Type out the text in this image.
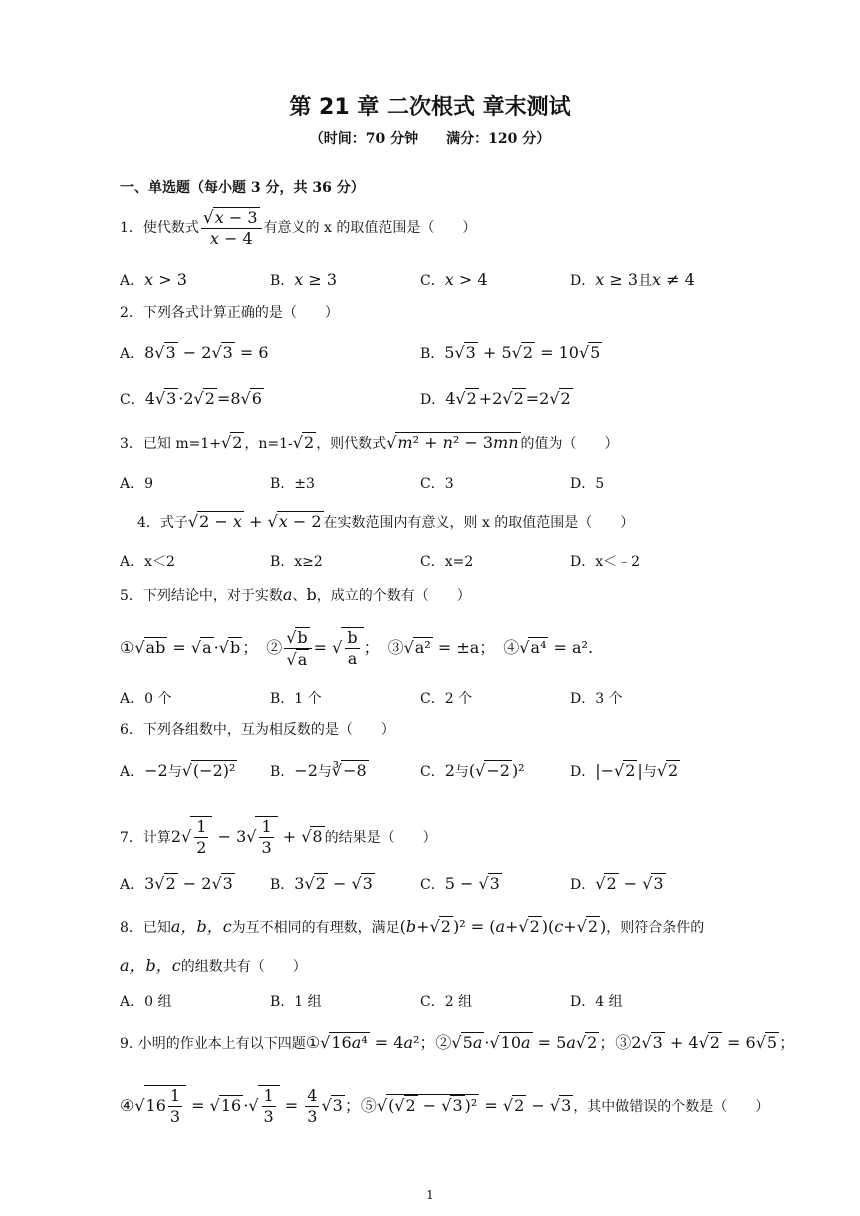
第 21 章 二次根式 章末测试
（时间：70 分钟　　满分：120 分）
一、单选题（每小题 3 分，共 36 分）
1．使代数式 $\frac{√x - 3}{x - 4}$ 有意义的 x 的取值范围是（　　）
A．x > 3	B．x ≥ 3	C．x > 4	D．x ≥ 3且x ≠ 4
2．下列各式计算正确的是（　　）
A．8√3 − 2√3 = 6	B．5√3 + 5√2 = 10√5
C．4√3 ·2√2 =8√6	D．4√2 +2√2 =2√2
3．已知 m=1+√2 ，n=1-√2 ，则代数式√m² + n² − 3mn 的值为（　　）
A．9	B．±3	C．3	D．5
4．式子√2 − x + √x − 2 在实数范围内有意义，则 x 的取值范围是（　　）
A．x＜2	B．x≥2	C．x=2	D．x＜﹣2
5．下列结论中，对于实数a、b，成立的个数有（　　）
①√ab = √a ·√b ；　② $\frac{√b}{√a}$ = √ $\frac{b}{a}$ ；　③√a² = ±a；　④√a⁴ = a².
A．0 个	B．1 个	C．2 个	D．3 个
6．下列各组数中，互为相反数的是（　　）
A．−2与√(−2)² B．−2与∛−8	C．2与(√−2 )²	D．|−√2 |与√2
7．计算$2√ \frac{1}{2} - 3√ \frac{1}{3} + √8$ 的结果是（　　）
A．3√2 − 2√3	B．3√2 − √3	C．5 − √3	D．√2 − √3
8．已知a，b，c为互不相同的有理数，满足(b+√2 )² = (a+√2 )(c+√2 )，则符合条件的
a，b，c的组数共有（　　）
A．0 组	B．1 组	C．2 组	D．4 组
9. 小明的作业本上有以下四题①√16a⁴ = 4a²；②√5a ·√10a = 5a√2 ；③2√3 + 4√2 = 6√5 ；
④√16 $\frac{1}{3} = √16$ ·√ $\frac{1}{3} = \frac{4}{3} √3$ ；⑤√(√2 − √3 )² = √2 − √3 ，其中做错误的个数是（　　）
1
